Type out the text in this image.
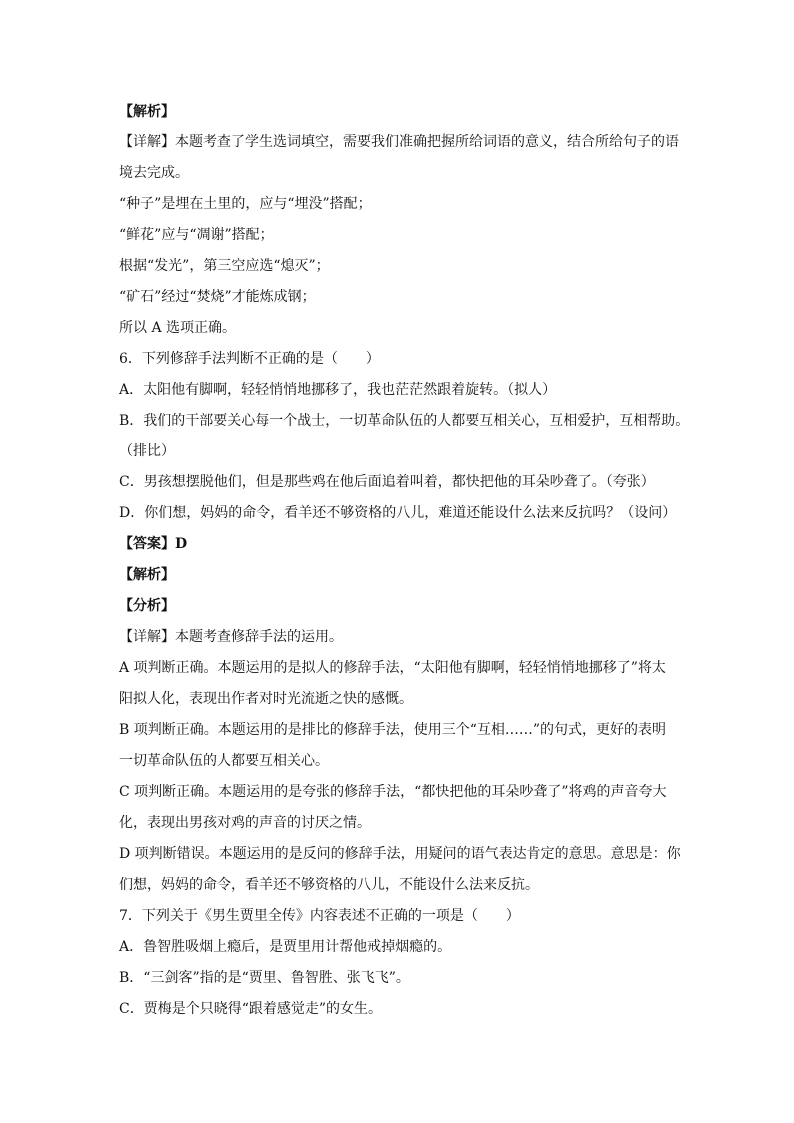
【解析】
【详解】本题考查了学生选词填空，需要我们准确把握所给词语的意义，结合所给句子的语
境去完成。
“种子”是埋在土里的，应与“埋没”搭配；
“鲜花”应与“凋谢”搭配；
根据“发光”，第三空应选“熄灭”；
“矿石”经过“焚烧”才能炼成钢；
所以 A 选项正确。
6．下列修辞手法判断不正确的是（　　）
A．太阳他有脚啊，轻轻悄悄地挪移了，我也茫茫然跟着旋转。（拟人）
B．我们的干部要关心每一个战士，一切革命队伍的人都要互相关心，互相爱护，互相帮助。
（排比）
C．男孩想摆脱他们，但是那些鸡在他后面追着叫着，都快把他的耳朵吵聋了。（夸张）
D．你们想，妈妈的命令，看羊还不够资格的八儿，难道还能设什么法来反抗吗？（设问）
【答案】D
【解析】
【分析】
【详解】本题考查修辞手法的运用。
A 项判断正确。本题运用的是拟人的修辞手法，“太阳他有脚啊，轻轻悄悄地挪移了”将太
阳拟人化，表现出作者对时光流逝之快的感慨。
B 项判断正确。本题运用的是排比的修辞手法，使用三个“互相……”的句式，更好的表明
一切革命队伍的人都要互相关心。
C 项判断正确。本题运用的是夸张的修辞手法，“都快把他的耳朵吵聋了”将鸡的声音夸大
化，表现出男孩对鸡的声音的讨厌之情。
D 项判断错误。本题运用的是反问的修辞手法，用疑问的语气表达肯定的意思。意思是：你
们想，妈妈的命令，看羊还不够资格的八儿，不能设什么法来反抗。
7．下列关于《男生贾里全传》内容表述不正确的一项是（　　）
A．鲁智胜吸烟上瘾后，是贾里用计帮他戒掉烟瘾的。
B．“三剑客”指的是“贾里、鲁智胜、张飞飞”。
C．贾梅是个只晓得“跟着感觉走”的女生。
